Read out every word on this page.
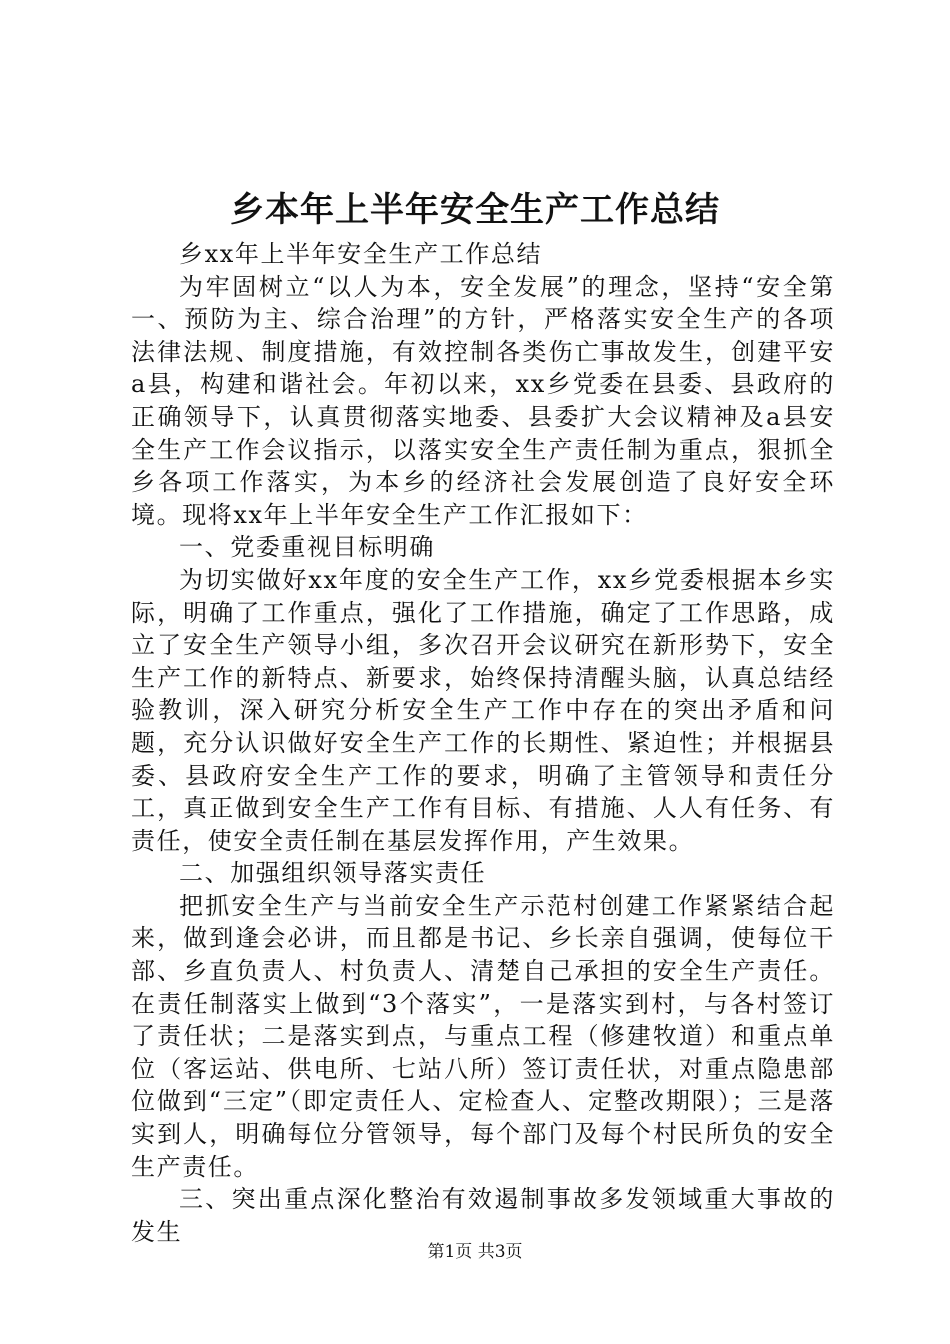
乡本年上半年安全生产工作总结

乡xx年上半年安全生产工作总结

为牢固树立“以人为本，安全发展”的理念，坚持“安全第一、预防为主、综合治理”的方针，严格落实安全生产的各项法律法规、制度措施，有效控制各类伤亡事故发生，创建平安a县，构建和谐社会。年初以来，xx乡党委在县委、县政府的正确领导下，认真贯彻落实地委、县委扩大会议精神及a县安全生产工作会议指示，以落实安全生产责任制为重点，狠抓全乡各项工作落实，为本乡的经济社会发展创造了良好安全环境。现将xx年上半年安全生产工作汇报如下：

一、党委重视目标明确

为切实做好xx年度的安全生产工作，xx乡党委根据本乡实际，明确了工作重点，强化了工作措施，确定了工作思路，成立了安全生产领导小组，多次召开会议研究在新形势下，安全生产工作的新特点、新要求，始终保持清醒头脑，认真总结经验教训，深入研究分析安全生产工作中存在的突出矛盾和问题，充分认识做好安全生产工作的长期性、紧迫性；并根据县委、县政府安全生产工作的要求，明确了主管领导和责任分工，真正做到安全生产工作有目标、有措施、人人有任务、有责任，使安全责任制在基层发挥作用，产生效果。

二、加强组织领导落实责任

把抓安全生产与当前安全生产示范村创建工作紧紧结合起来，做到逢会必讲，而且都是书记、乡长亲自强调，使每位干部、乡直负责人、村负责人、清楚自己承担的安全生产责任。在责任制落实上做到“3个落实”，一是落实到村，与各村签订了责任状；二是落实到点，与重点工程（修建牧道）和重点单位（客运站、供电所、七站八所）签订责任状，对重点隐患部位做到“三定”（即定责任人、定检查人、定整改期限）；三是落实到人，明确每位分管领导，每个部门及每个村民所负的安全生产责任。

三、突出重点深化整治有效遏制事故多发领域重大事故的发生

第1页 共3页
